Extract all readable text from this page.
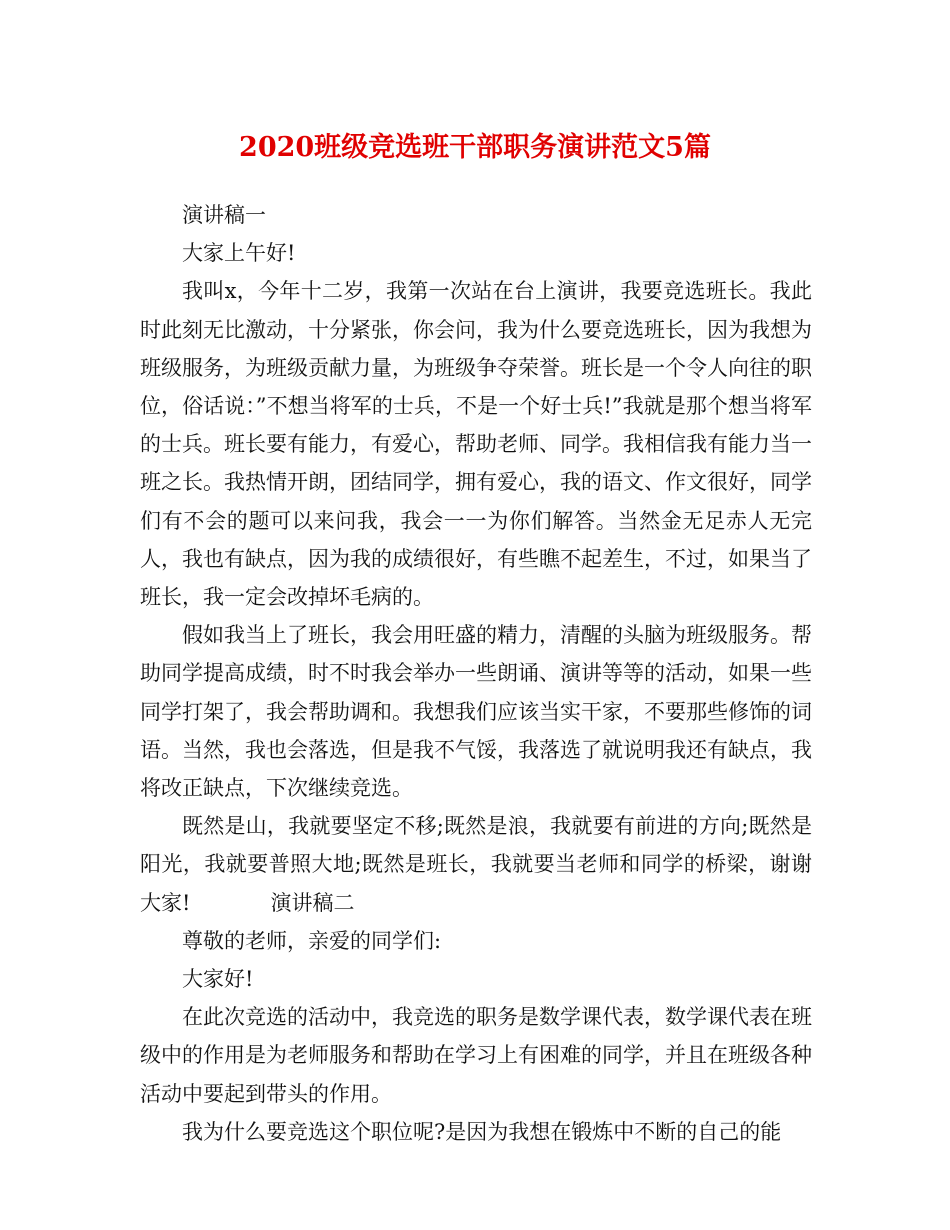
2020班级竞选班干部职务演讲范文5篇

演讲稿一

大家上午好!

我叫x，今年十二岁，我第一次站在台上演讲，我要竞选班长。我此时此刻无比激动，十分紧张，你会问，我为什么要竞选班长，因为我想为班级服务，为班级贡献力量，为班级争夺荣誉。班长是一个令人向往的职位，俗话说：”不想当将军的士兵，不是一个好士兵!”我就是那个想当将军的士兵。班长要有能力，有爱心，帮助老师、同学。我相信我有能力当一班之长。我热情开朗，团结同学，拥有爱心，我的语文、作文很好，同学们有不会的题可以来问我，我会一一为你们解答。当然金无足赤人无完人，我也有缺点，因为我的成绩很好，有些瞧不起差生，不过，如果当了班长，我一定会改掉坏毛病的。

假如我当上了班长，我会用旺盛的精力，清醒的头脑为班级服务。帮助同学提高成绩，时不时我会举办一些朗诵、演讲等等的活动，如果一些同学打架了，我会帮助调和。我想我们应该当实干家，不要那些修饰的词语。当然，我也会落选，但是我不气馁，我落选了就说明我还有缺点，我将改正缺点，下次继续竞选。

既然是山，我就要坚定不移;既然是浪，我就要有前进的方向;既然是阳光，我就要普照大地;既然是班长，我就要当老师和同学的桥梁，谢谢大家!	演讲稿二

尊敬的老师，亲爱的同学们:

大家好!

在此次竞选的活动中，我竞选的职务是数学课代表，数学课代表在班级中的作用是为老师服务和帮助在学习上有困难的同学，并且在班级各种活动中要起到带头的作用。

我为什么要竞选这个职位呢?是因为我想在锻炼中不断的自己的能
